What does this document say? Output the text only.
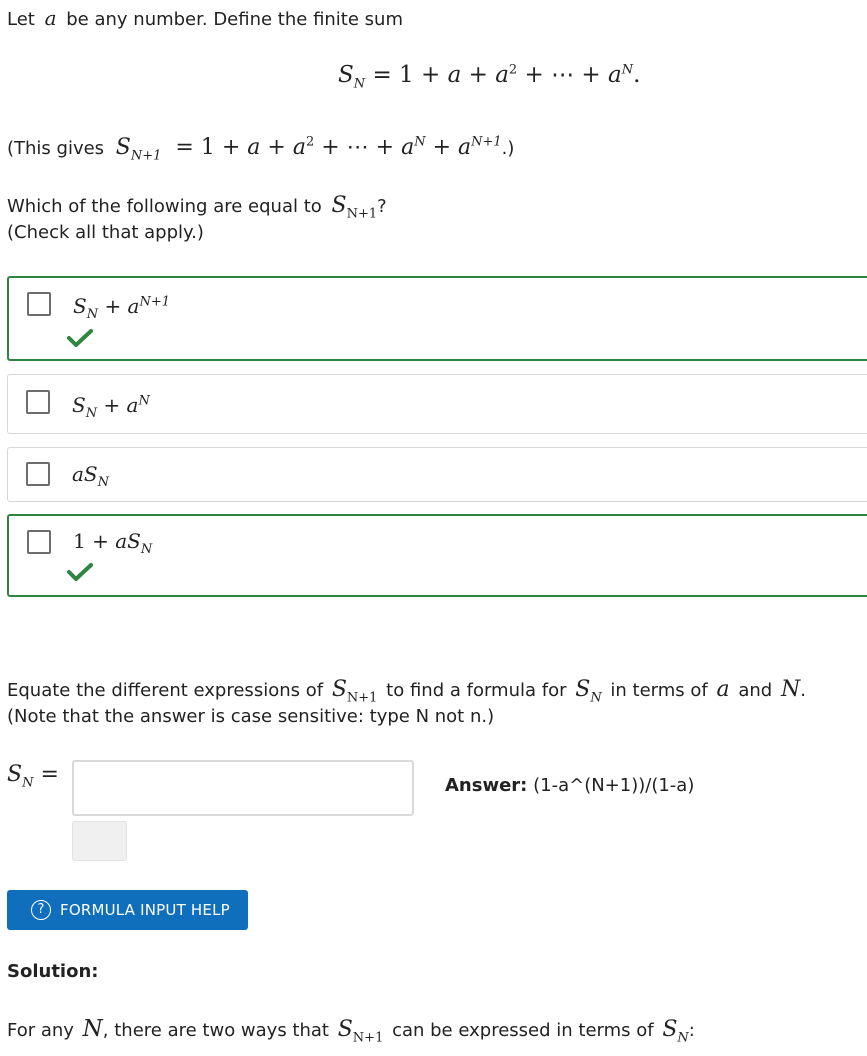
Let a be any number. Define the finite sum
$S_N = 1 + a + a^2$ + ⋯ + $a^N$.
(This gives $S_{N+1} = 1 + a + a^2$ + ⋯ + $a^N + a^{N+1}$.)
Which of the following are equal to $S_{N+1}$?
(Check all that apply.)
$S_N + a^{N+1}$
$S_N + a^N$
$aS_N$
$1 + aS_N$
Equate the different expressions of $S_{N+1}$ to find a formula for $S_N$ in terms of a and N.
(Note that the answer is case sensitive: type N not n.)
$S_N$ =	Answer: (1-a^(N+1))/(1-a)
?	FORMULA INPUT HELP
Solution:
For any N, there are two ways that $S_{N+1}$ can be expressed in terms of $S_N$:
